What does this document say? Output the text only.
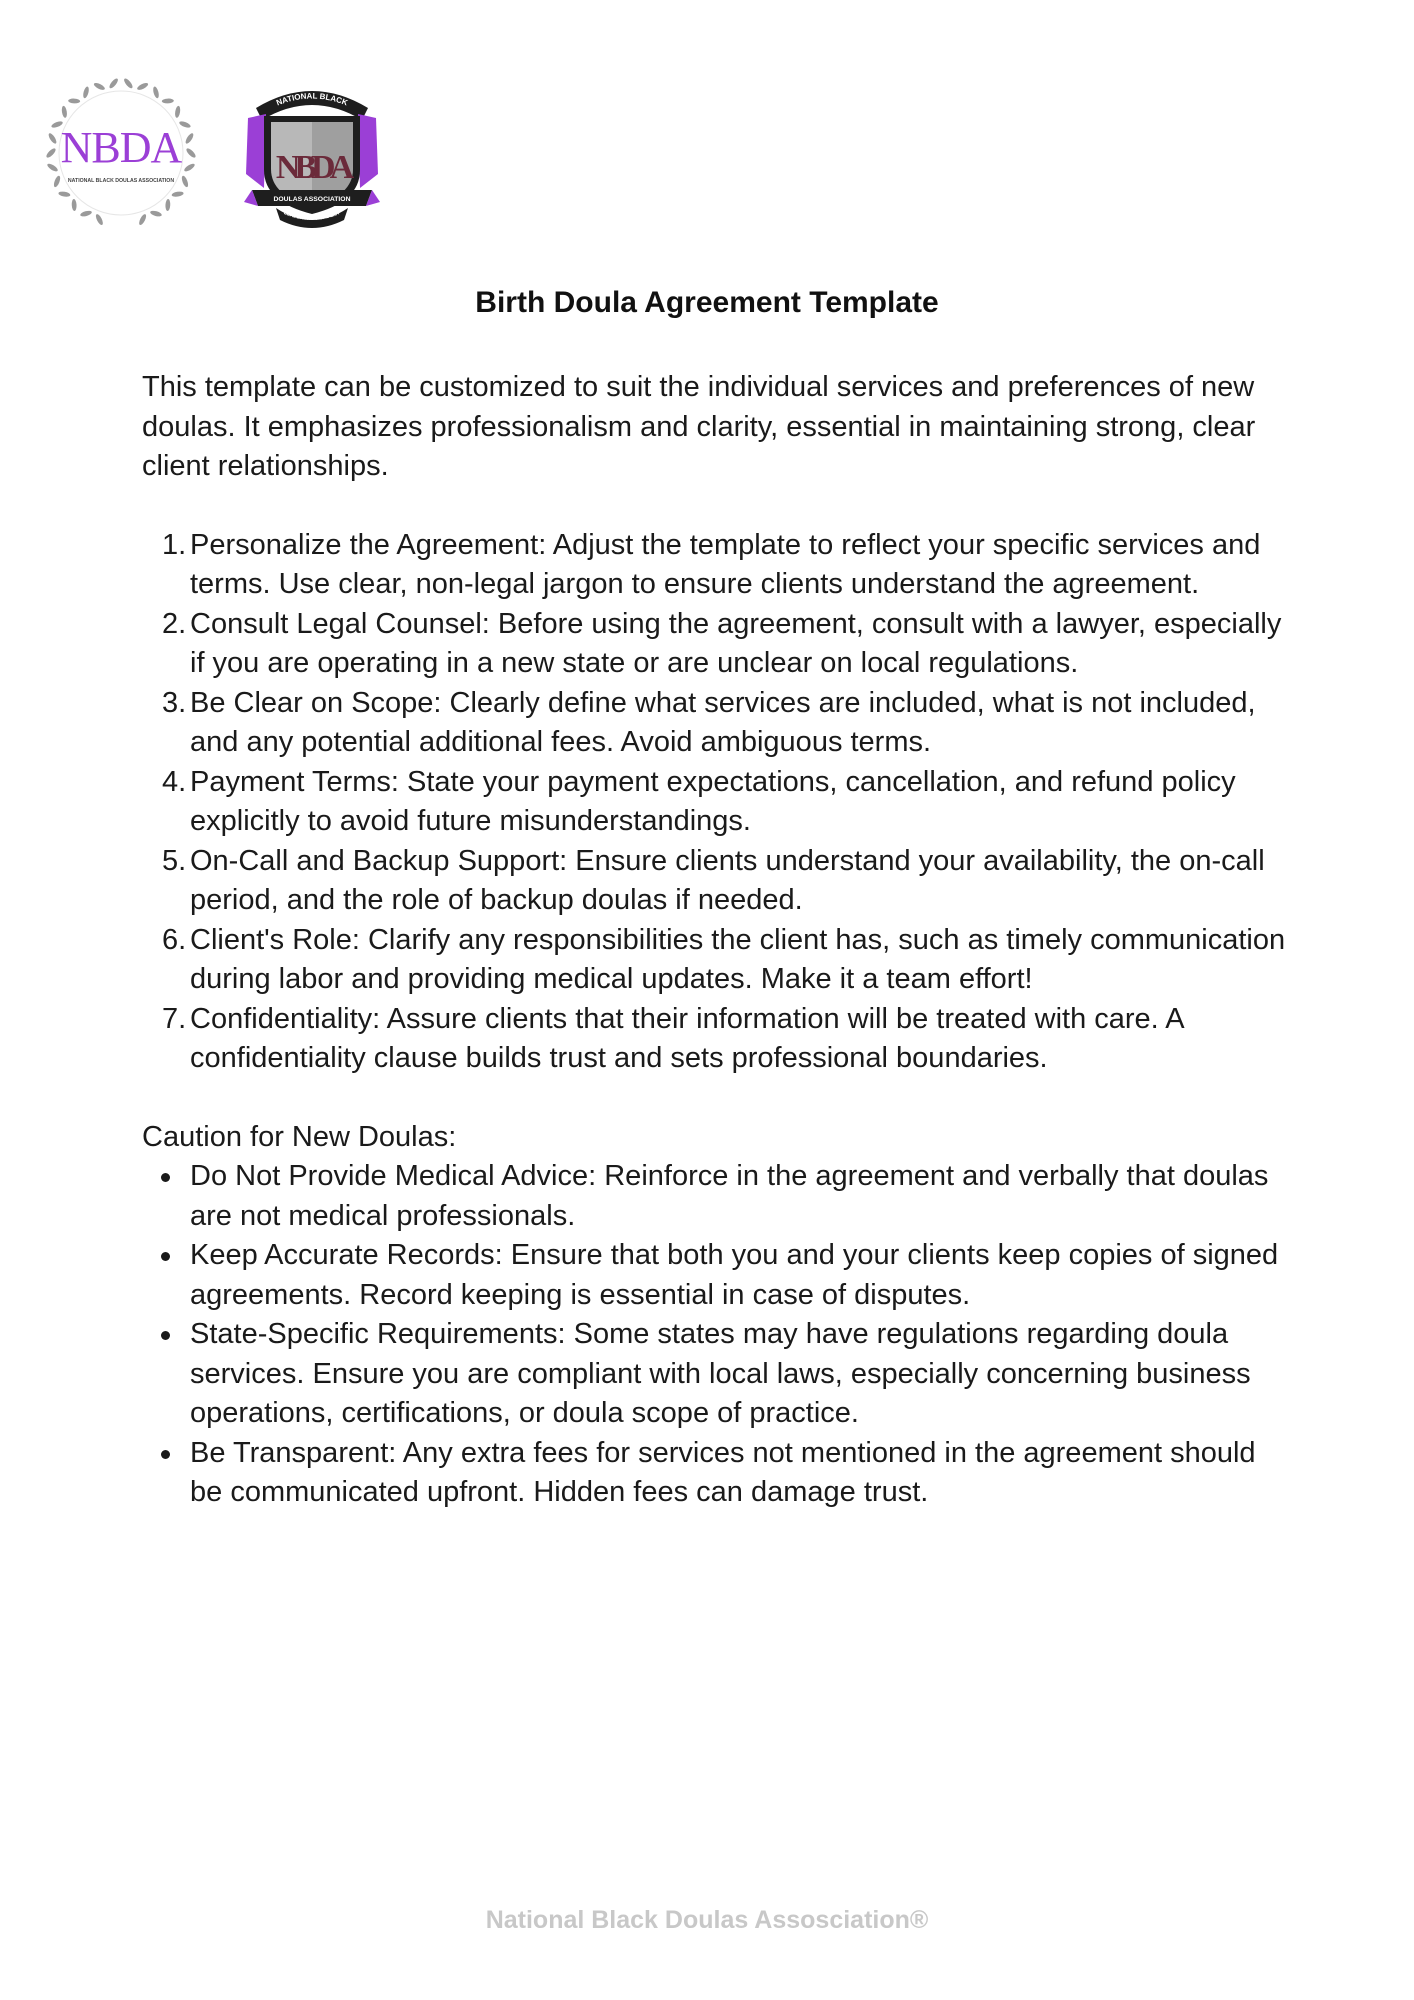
NBDA
NATIONAL BLACK DOULAS ASSOCIATION
NATIONAL BLACK
NBDA
DOULAS ASSOCIATION
LEADERSHIP ACADEMY
Birth Doula Agreement Template

This template can be customized to suit the individual services and preferences of new doulas. It emphasizes professionalism and clarity, essential in maintaining strong, clear client relationships.

1. Personalize the Agreement: Adjust the template to reflect your specific services and terms. Use clear, non-legal jargon to ensure clients understand the agreement.
2. Consult Legal Counsel: Before using the agreement, consult with a lawyer, especially if you are operating in a new state or are unclear on local regulations.
3. Be Clear on Scope: Clearly define what services are included, what is not included, and any potential additional fees. Avoid ambiguous terms.
4. Payment Terms: State your payment expectations, cancellation, and refund policy explicitly to avoid future misunderstandings.
5. On-Call and Backup Support: Ensure clients understand your availability, the on-call period, and the role of backup doulas if needed.
6. Client's Role: Clarify any responsibilities the client has, such as timely communication during labor and providing medical updates. Make it a team effort!
7. Confidentiality: Assure clients that their information will be treated with care. A confidentiality clause builds trust and sets professional boundaries.

Caution for New Doulas:

Do Not Provide Medical Advice: Reinforce in the agreement and verbally that doulas are not medical professionals.
Keep Accurate Records: Ensure that both you and your clients keep copies of signed agreements. Record keeping is essential in case of disputes.
State-Specific Requirements: Some states may have regulations regarding doula services. Ensure you are compliant with local laws, especially concerning business operations, certifications, or doula scope of practice.
Be Transparent: Any extra fees for services not mentioned in the agreement should be communicated upfront. Hidden fees can damage trust.
National Black Doulas Assosciation®
